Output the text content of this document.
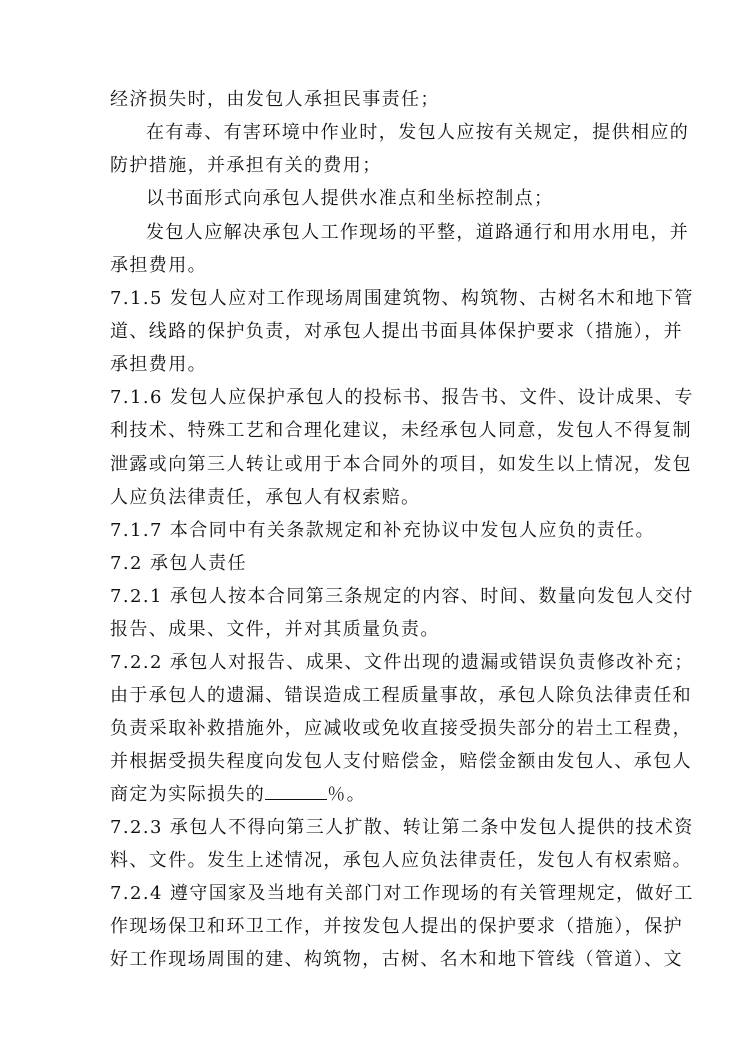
经济损失时，由发包人承担民事责任；
在有毒、有害环境中作业时，发包人应按有关规定，提供相应的
防护措施，并承担有关的费用；
以书面形式向承包人提供水准点和坐标控制点；
发包人应解决承包人工作现场的平整，道路通行和用水用电，并
承担费用。
7.1.5 发包人应对工作现场周围建筑物、构筑物、古树名木和地下管
道、线路的保护负责，对承包人提出书面具体保护要求（措施），并
承担费用。
7.1.6 发包人应保护承包人的投标书、报告书、文件、设计成果、专
利技术、特殊工艺和合理化建议，未经承包人同意，发包人不得复制
泄露或向第三人转让或用于本合同外的项目，如发生以上情况，发包
人应负法律责任，承包人有权索赔。
7.1.7 本合同中有关条款规定和补充协议中发包人应负的责任。
7.2 承包人责任
7.2.1 承包人按本合同第三条规定的内容、时间、数量向发包人交付
报告、成果、文件，并对其质量负责。
7.2.2 承包人对报告、成果、文件出现的遗漏或错误负责修改补充；
由于承包人的遗漏、错误造成工程质量事故，承包人除负法律责任和
负责采取补救措施外，应减收或免收直接受损失部分的岩土工程费，
并根据受损失程度向发包人支付赔偿金，赔偿金额由发包人、承包人
商定为实际损失的	％。
7.2.3 承包人不得向第三人扩散、转让第二条中发包人提供的技术资
料、文件。发生上述情况，承包人应负法律责任，发包人有权索赔。
7.2.4 遵守国家及当地有关部门对工作现场的有关管理规定，做好工
作现场保卫和环卫工作，并按发包人提出的保护要求（措施），保护
好工作现场周围的建、构筑物，古树、名木和地下管线（管道）、文
